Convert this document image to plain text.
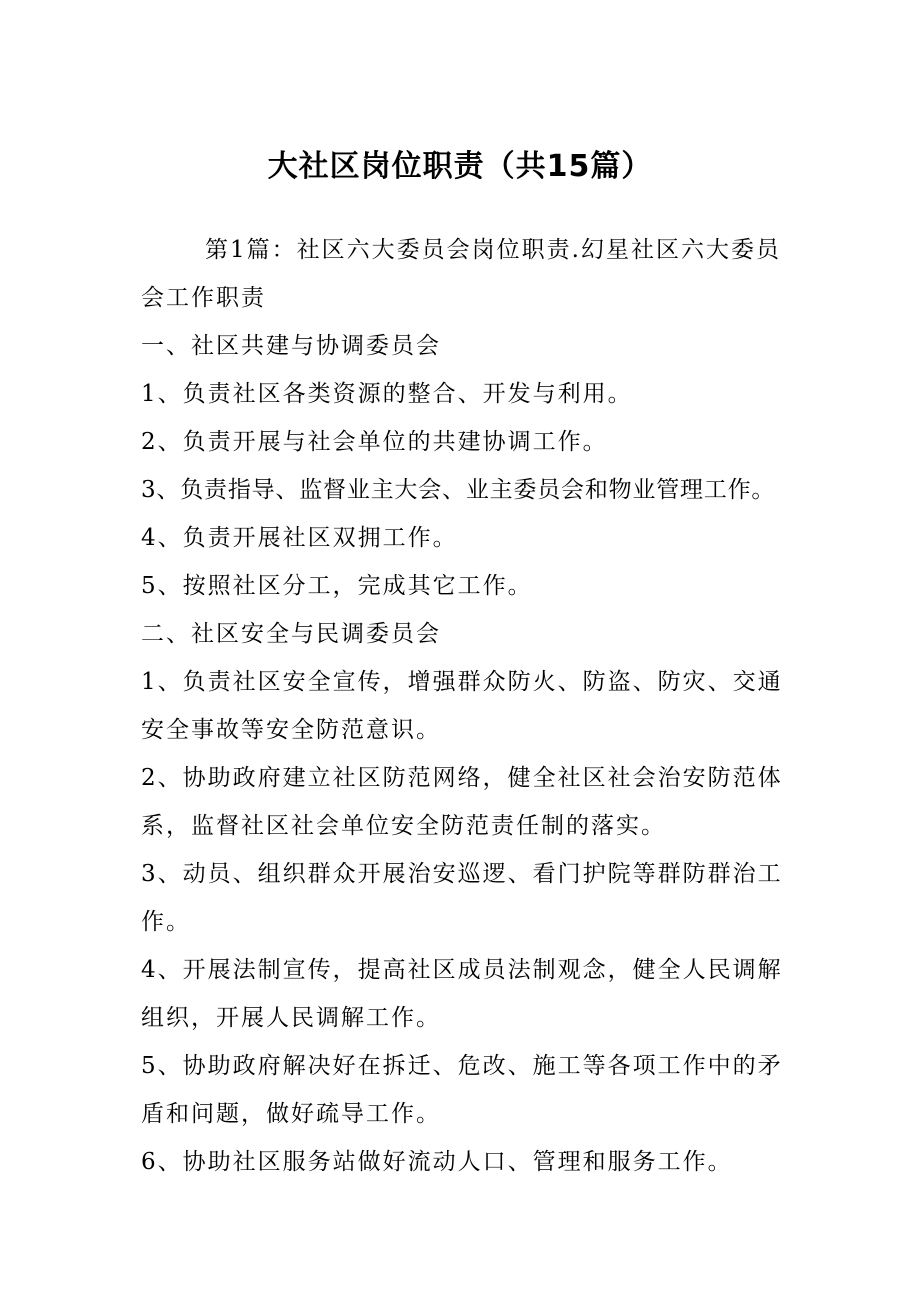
大社区岗位职责（共15篇）

第1篇：社区六大委员会岗位职责.幻星社区六大委员会工作职责

一、社区共建与协调委员会

1、负责社区各类资源的整合、开发与利用。

2、负责开展与社会单位的共建协调工作。

3、负责指导、监督业主大会、业主委员会和物业管理工作。

4、负责开展社区双拥工作。

5、按照社区分工，完成其它工作。

二、社区安全与民调委员会

1、负责社区安全宣传，增强群众防火、防盗、防灾、交通安全事故等安全防范意识。

2、协助政府建立社区防范网络，健全社区社会治安防范体系，监督社区社会单位安全防范责任制的落实。

3、动员、组织群众开展治安巡逻、看门护院等群防群治工作。

4、开展法制宣传，提高社区成员法制观念，健全人民调解组织，开展人民调解工作。

5、协助政府解决好在拆迁、危改、施工等各项工作中的矛盾和问题，做好疏导工作。

6、协助社区服务站做好流动人口、管理和服务工作。
